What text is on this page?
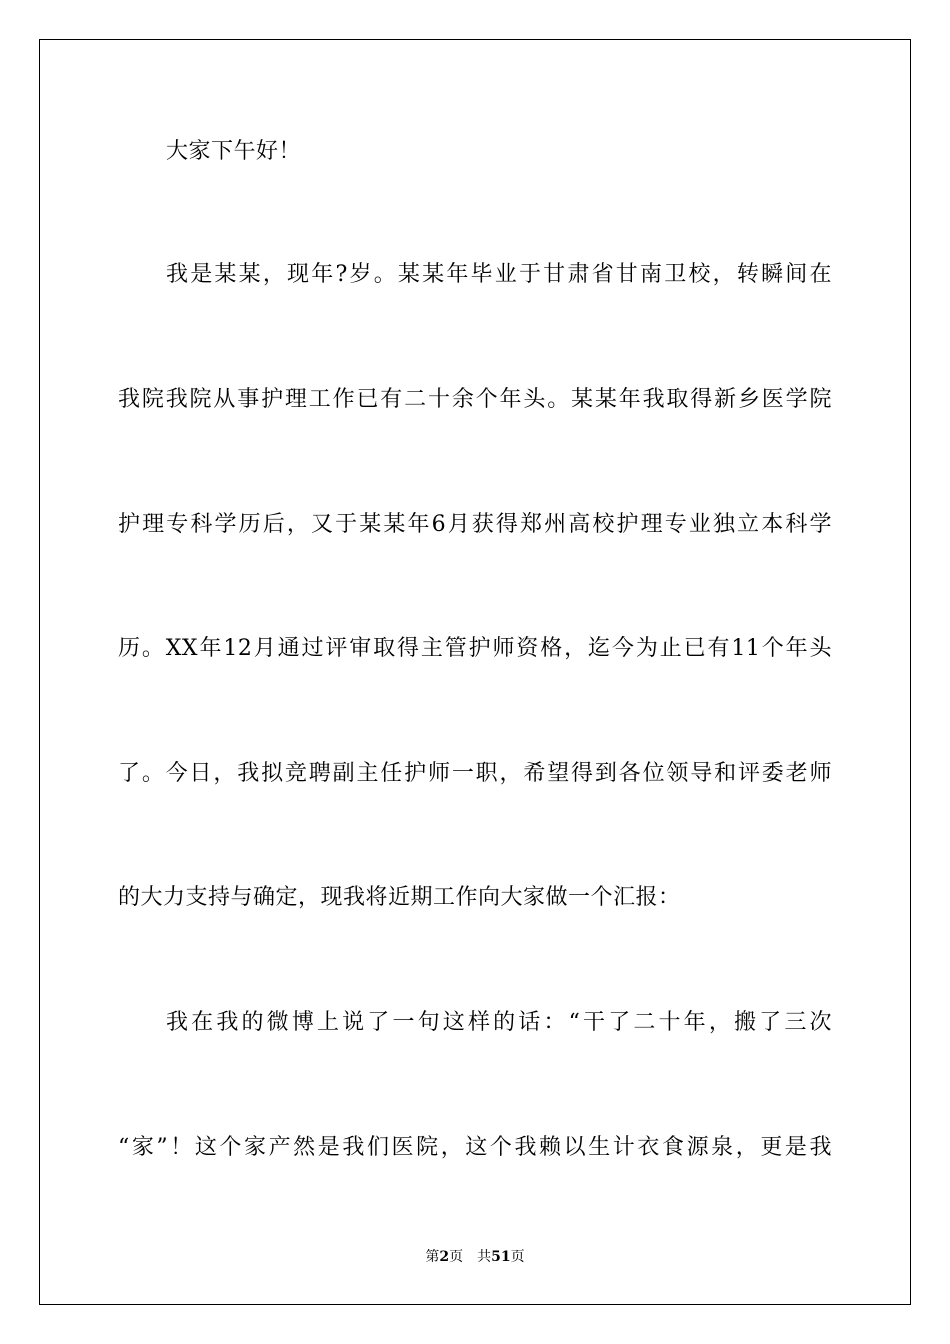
大家下午好！
我是某某，现年?岁。某某年毕业于甘肃省甘南卫校，转瞬间在
我院我院从事护理工作已有二十余个年头。某某年我取得新乡医学院
护理专科学历后，又于某某年6月获得郑州高校护理专业独立本科学
历。XX年12月通过评审取得主管护师资格，迄今为止已有11个年头
了。今日，我拟竞聘副主任护师一职，希望得到各位领导和评委老师
的大力支持与确定，现我将近期工作向大家做一个汇报：
我在我的微博上说了一句这样的话：“干了二十年，搬了三次
“家”！这个家产然是我们医院，这个我赖以生计衣食源泉，更是我
第2页 共51页
